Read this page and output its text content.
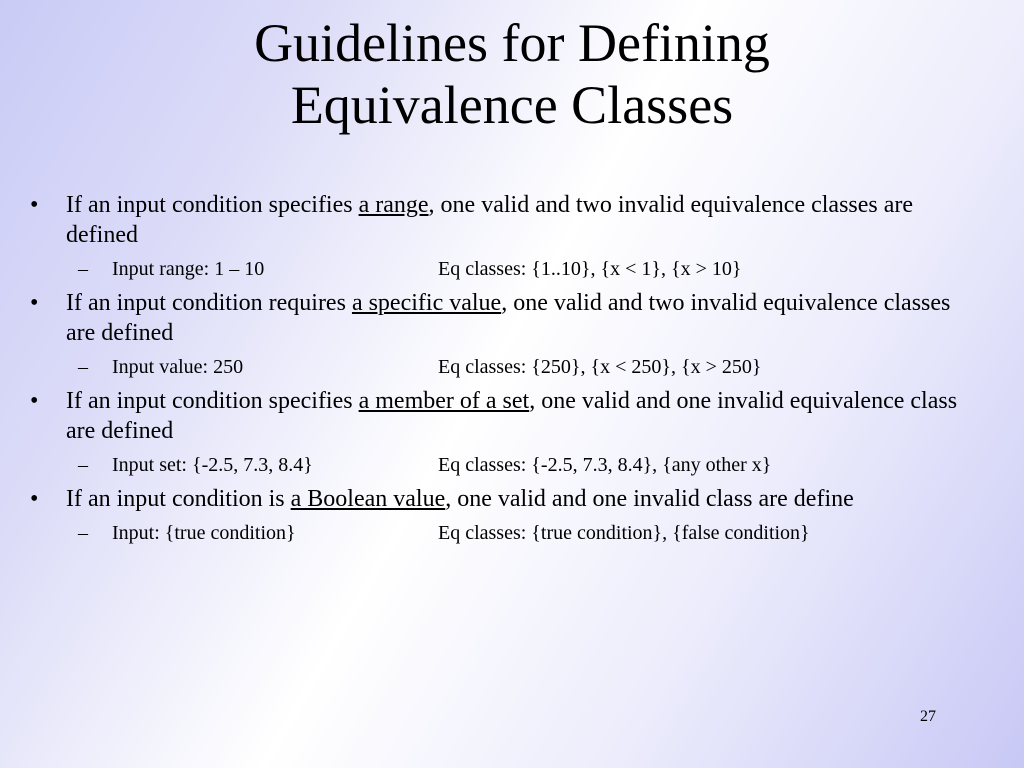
Guidelines for Defining
Equivalence Classes
• If an input condition specifies a range, one valid and two invalid equivalence classes are defined
– Input range: 1 – 10	Eq classes: {1..10}, {x < 1}, {x > 10}
• If an input condition requires a specific value, one valid and two invalid equivalence classes are defined
– Input value: 250	Eq classes: {250}, {x < 250}, {x > 250}
• If an input condition specifies a member of a set, one valid and one invalid equivalence class are defined
– Input set: {-2.5, 7.3, 8.4}	Eq classes: {-2.5, 7.3, 8.4}, {any other x}
• If an input condition is a Boolean value, one valid and one invalid class are define
– Input: {true condition}	Eq classes: {true condition}, {false condition}
27
